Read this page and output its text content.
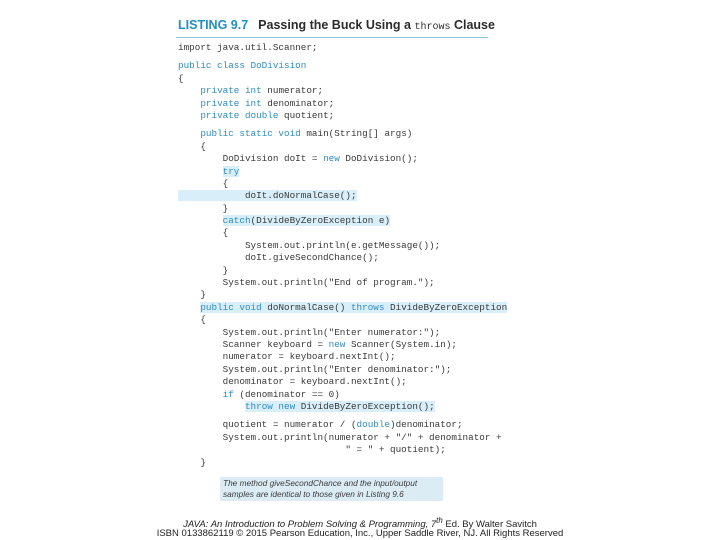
LISTING 9.7 Passing the Buck Using a throws Clause
import java.util.Scanner;
public class DoDivision
{
private int numerator;
private int denominator;
private double quotient;
public static void main(String[] args)
{
DoDivision doIt = new DoDivision();
try
{
doIt.doNormalCase();
}
catch(DivideByZeroException e)
{
System.out.println(e.getMessage());
doIt.giveSecondChance();
}
System.out.println("End of program.");
}
public void doNormalCase() throws DivideByZeroException
{
System.out.println("Enter numerator:");
Scanner keyboard = new Scanner(System.in);
numerator = keyboard.nextInt();
System.out.println("Enter denominator:");
denominator = keyboard.nextInt();
if (denominator == 0)
throw new DivideByZeroException();
quotient = numerator / (double)denominator;
System.out.println(numerator + "/" + denominator +
" = " + quotient);
}
The method giveSecondChance and the input/output samples are identical to those given in Listing 9.6
JAVA: An Introduction to Problem Solving & Programming, 7th Ed. By Walter Savitch
ISBN 0133862119 © 2015 Pearson Education, Inc., Upper Saddle River, NJ. All Rights Reserved
